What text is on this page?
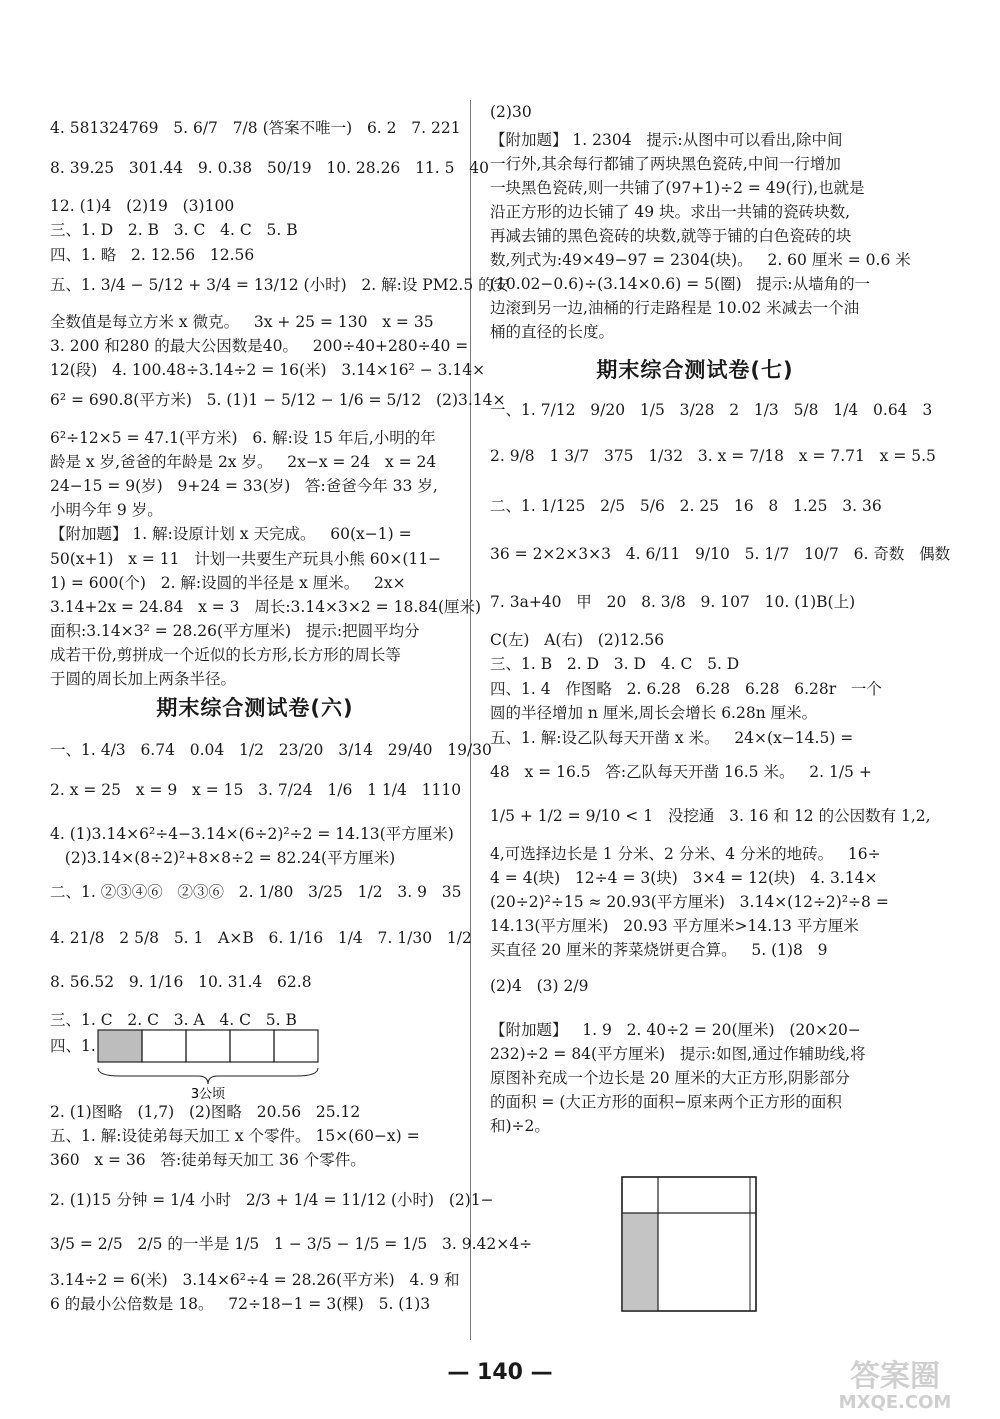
4. 581324769   5. 6/7   7/8 (答案不唯一)   6. 2   7. 221
8. 39.25   301.44   9. 0.38   50/19   10. 28.26   11. 5   40
12. (1)4   (2)19   (3)100
三、1. D   2. B   3. C   4. C   5. B
四、1. 略   2. 12.56   12.56
五、1. 3/4 − 5/12 + 3/4 = 13/12 (小时)   2. 解:设 PM2.5 的安
全数值是每立方米 x 微克。   3x + 25 = 130   x = 35
3. 200 和280 的最大公因数是40。   200÷40+280÷40 =
12(段)   4. 100.48÷3.14÷2 = 16(米)   3.14×16² − 3.14×
6² = 690.8(平方米)   5. (1)1 − 5/12 − 1/6 = 5/12   (2)3.14×
6²÷12×5 = 47.1(平方米)   6. 解:设 15 年后,小明的年
龄是 x 岁,爸爸的年龄是 2x 岁。   2x−x = 24   x = 24
24−15 = 9(岁)   9+24 = 33(岁)   答:爸爸今年 33 岁,
小明今年 9 岁。
【附加题】 1. 解:设原计划 x 天完成。   60(x−1) =
50(x+1)   x = 11   计划一共要生产玩具小熊 60×(11−
1) = 600(个)   2. 解:设圆的半径是 x 厘米。   2x×
3.14+2x = 24.84   x = 3   周长:3.14×3×2 = 18.84(厘米)
面积:3.14×3² = 28.26(平方厘米)   提示:把圆平均分
成若干份,剪拼成一个近似的长方形,长方形的周长等
于圆的周长加上两条半径。
期末综合测试卷(六)
一、1. 4/3   6.74   0.04   1/2   23/20   3/14   29/40   19/30
2. x = 25   x = 9   x = 15   3. 7/24   1/6   1 1/4   1110
4. (1)3.14×6²÷4−3.14×(6÷2)²÷2 = 14.13(平方厘米)
(2)3.14×(8÷2)²+8×8÷2 = 82.24(平方厘米)
二、1. ②③④⑥   ②③⑥   2. 1/80   3/25   1/2   3. 9   35
4. 21/8   2 5/8   5. 1   A×B   6. 1/16   1/4   7. 1/30   1/2
8. 56.52   9. 1/16   10. 31.4   62.8
三、1. C   2. C   3. A   4. C   5. B
四、1.
3公顷
2. (1)图略   (1,7)   (2)图略   20.56   25.12
五、1. 解:设徒弟每天加工 x 个零件。 15×(60−x) =
360   x = 36   答:徒弟每天加工 36 个零件。
2. (1)15 分钟 = 1/4 小时   2/3 + 1/4 = 11/12 (小时)   (2)1−
3/5 = 2/5   2/5 的一半是 1/5   1 − 3/5 − 1/5 = 1/5   3. 9.42×4÷
3.14÷2 = 6(米)   3.14×6²÷4 = 28.26(平方米)   4. 9 和
6 的最小公倍数是 18。   72÷18−1 = 3(棵)   5. (1)3
(2)30
【附加题】 1. 2304   提示:从图中可以看出,除中间
一行外,其余每行都铺了两块黑色瓷砖,中间一行增加
一块黑色瓷砖,则一共铺了(97+1)÷2 = 49(行),也就是
沿正方形的边长铺了 49 块。求出一共铺的瓷砖块数,
再减去铺的黑色瓷砖的块数,就等于铺的白色瓷砖的块
数,列式为:49×49−97 = 2304(块)。   2. 60 厘米 = 0.6 米
(10.02−0.6)÷(3.14×0.6) = 5(圈)   提示:从墙角的一
边滚到另一边,油桶的行走路程是 10.02 米减去一个油
桶的直径的长度。
期末综合测试卷(七)
一、1. 7/12   9/20   1/5   3/28   2   1/3   5/8   1/4   0.64   3
2. 9/8   1 3/7   375   1/32   3. x = 7/18   x = 7.71   x = 5.5
二、1. 1/125   2/5   5/6   2. 25   16   8   1.25   3. 36
36 = 2×2×3×3   4. 6/11   9/10   5. 1/7   10/7   6. 奇数   偶数
7. 3a+40   甲   20   8. 3/8   9. 107   10. (1)B(上)
C(左)   A(右)   (2)12.56
三、1. B   2. D   3. D   4. C   5. D
四、1. 4   作图略   2. 6.28   6.28   6.28   6.28r   一个
圆的半径增加 n 厘米,周长会增长 6.28n 厘米。
五、1. 解:设乙队每天开凿 x 米。   24×(x−14.5) =
48   x = 16.5   答:乙队每天开凿 16.5 米。   2. 1/5 +
1/5 + 1/2 = 9/10 < 1   没挖通   3. 16 和 12 的公因数有 1,2,
4,可选择边长是 1 分米、2 分米、4 分米的地砖。   16÷
4 = 4(块)   12÷4 = 3(块)   3×4 = 12(块)   4. 3.14×
(20÷2)²÷15 ≈ 20.93(平方厘米)   3.14×(12÷2)²÷8 =
14.13(平方厘米)   20.93 平方厘米>14.13 平方厘米
买直径 20 厘米的荠菜烧饼更合算。   5. (1)8   9
(2)4   (3) 2/9
【附加题】   1. 9   2. 40÷2 = 20(厘米)   (20×20−
232)÷2 = 84(平方厘米)   提示:如图,通过作辅助线,将
原图补充成一个边长是 20 厘米的大正方形,阴影部分
的面积 = (大正方形的面积−原来两个正方形的面积
和)÷2。
— 140 —	答案圈
MXQE.COM
